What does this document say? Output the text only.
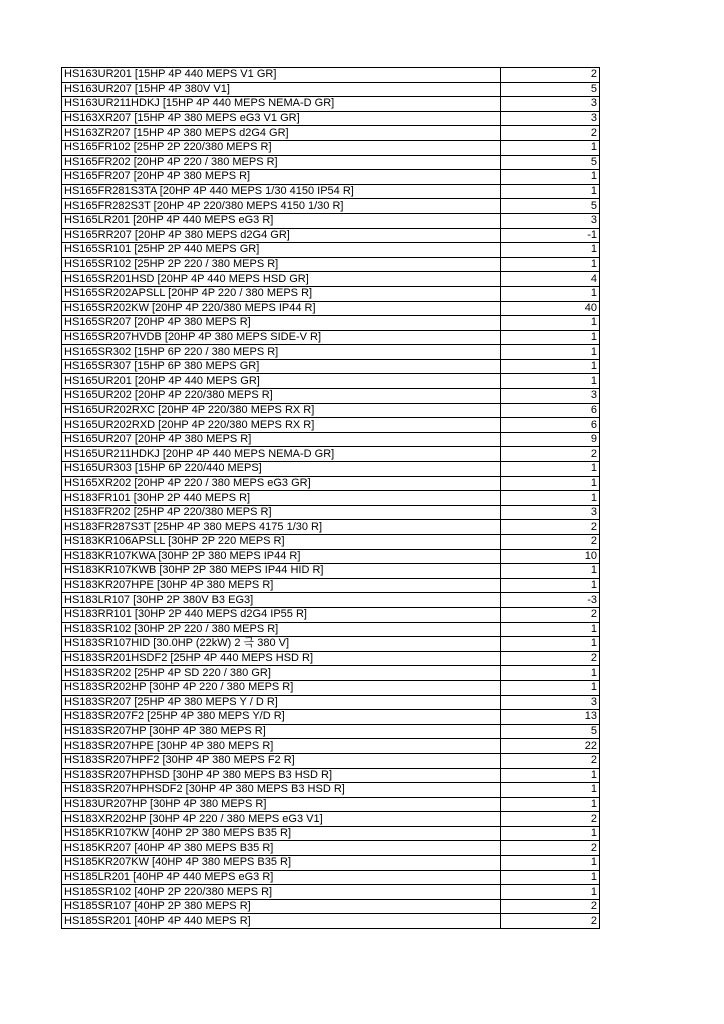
HS163UR201 [15HP 4P 440 MEPS V1 GR]	2
HS163UR207 [15HP 4P 380V V1]	5
HS163UR211HDKJ [15HP 4P 440 MEPS NEMA-D GR]	3
HS163XR207 [15HP 4P 380 MEPS eG3 V1 GR]	3
HS163ZR207 [15HP 4P 380 MEPS d2G4 GR]	2
HS165FR102 [25HP 2P 220/380 MEPS R]	1
HS165FR202 [20HP 4P 220 / 380 MEPS R]	5
HS165FR207 [20HP 4P 380 MEPS R]	1
HS165FR281S3TA [20HP 4P 440 MEPS 1/30 4150 IP54 R]	1
HS165FR282S3T [20HP 4P 220/380 MEPS 4150 1/30 R]	5
HS165LR201 [20HP 4P 440 MEPS eG3 R]	3
HS165RR207 [20HP 4P 380 MEPS d2G4 GR]	-1
HS165SR101 [25HP 2P 440 MEPS GR]	1
HS165SR102 [25HP 2P 220 / 380 MEPS R]	1
HS165SR201HSD [20HP 4P 440 MEPS HSD GR]	4
HS165SR202APSLL [20HP 4P 220 / 380 MEPS R]	1
HS165SR202KW [20HP 4P 220/380 MEPS IP44 R]	40
HS165SR207 [20HP 4P 380 MEPS R]	1
HS165SR207HVDB [20HP 4P 380 MEPS SIDE-V R]	1
HS165SR302 [15HP 6P 220 / 380 MEPS R]	1
HS165SR307 [15HP 6P 380 MEPS GR]	1
HS165UR201 [20HP 4P 440 MEPS GR]	1
HS165UR202 [20HP 4P 220/380 MEPS R]	3
HS165UR202RXC [20HP 4P 220/380 MEPS RX R]	6
HS165UR202RXD [20HP 4P 220/380 MEPS RX R]	6
HS165UR207 [20HP 4P 380 MEPS R]	9
HS165UR211HDKJ [20HP 4P 440 MEPS NEMA-D GR]	2
HS165UR303 [15HP 6P 220/440 MEPS]	1
HS165XR202 [20HP 4P 220 / 380 MEPS eG3 GR]	1
HS183FR101 [30HP 2P 440 MEPS R]	1
HS183FR202 [25HP 4P 220/380 MEPS R]	3
HS183FR287S3T [25HP 4P 380 MEPS 4175 1/30 R]	2
HS183KR106APSLL [30HP 2P 220 MEPS R]	2
HS183KR107KWA [30HP 2P 380 MEPS IP44 R]	10
HS183KR107KWB [30HP 2P 380 MEPS IP44 HID R]	1
HS183KR207HPE [30HP 4P 380 MEPS R]	1
HS183LR107 [30HP 2P 380V B3 EG3]	-3
HS183RR101 [30HP 2P 440 MEPS d2G4 IP55 R]	2
HS183SR102 [30HP 2P 220 / 380 MEPS R]	1
HS183SR107HID [30.0HP (22kW) 2 극 380 V]	1
HS183SR201HSDF2 [25HP 4P 440 MEPS HSD R]	2
HS183SR202 [25HP 4P SD 220 / 380 GR]	1
HS183SR202HP [30HP 4P 220 / 380 MEPS R]	1
HS183SR207 [25HP 4P 380 MEPS Y / D R]	3
HS183SR207F2 [25HP 4P 380 MEPS Y/D R]	13
HS183SR207HP [30HP 4P 380 MEPS R]	5
HS183SR207HPE [30HP 4P 380 MEPS R]	22
HS183SR207HPF2 [30HP 4P 380 MEPS F2 R]	2
HS183SR207HPHSD [30HP 4P 380 MEPS B3 HSD R]	1
HS183SR207HPHSDF2 [30HP 4P 380 MEPS B3 HSD R]	1
HS183UR207HP [30HP 4P 380 MEPS R]	1
HS183XR202HP [30HP 4P 220 / 380 MEPS eG3 V1]	2
HS185KR107KW [40HP 2P 380 MEPS B35 R]	1
HS185KR207 [40HP 4P 380 MEPS B35 R]	2
HS185KR207KW [40HP 4P 380 MEPS B35 R]	1
HS185LR201 [40HP 4P 440 MEPS eG3 R]	1
HS185SR102 [40HP 2P 220/380 MEPS R]	1
HS185SR107 [40HP 2P 380 MEPS R]	2
HS185SR201 [40HP 4P 440 MEPS R]	2
